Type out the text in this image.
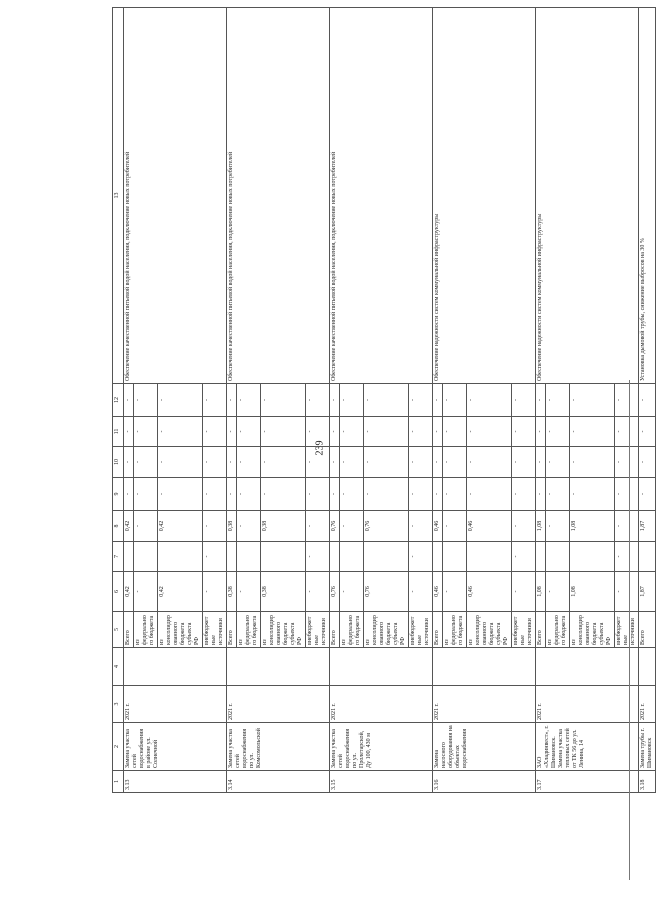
239
1	2	3	4	5	6	7	8	9	10	11	12	13
3.13	Замена участка сетей водоснабжения в районе ул. Солнечной	2021 г.		Всего	0,42		0,42	-	-	-	-	Обеспечение качественной питьевой водой населения, подключение новых потребителей
				из федерального бюджета	-		-	-	-	-	-	
				из консолидированного бюджета субъекта РФ	0,42		0,42	-	-	-	-	
				внебюджетные источники	-	-	-	-	-	-	-	
3.14	Замена участка сетей водоснабжения по ул. Комсомольской	2021 г.		Всего	0,38		0,38	-	-	-	-	Обеспечение качественной питьевой водой населения, подключение новых потребителей
				из федерального бюджета	-		-	-	-	-	-	
				из консолидированного бюджета субъекта РФ	0,38		0,38	-	-	-	-	
				внебюджетные источники	-	-	-	-	-	-	-	
3.15	Замена участка сетей водоснабжения по ул. Пролетарской, Ду 100, 430 м	2021 г.		Всего	0,76		0,76	-	-	-	-	Обеспечение качественной питьевой водой населения, подключение новых потребителей
				из федерального бюджета	-		-	-	-	-	-	
				из консолидированного бюджета субъекта РФ	0,76		0,76	-	-	-	-	
				внебюджетные источники	-	-	-	-	-	-	-	
3.16	Замена насосного оборудования на объектах водоснабжения	2021 г.		Всего	0,46		0,46	-	-	-	-	Обеспечение надежности систем коммунальной инфраструктуры
				из федерального бюджета	-		-	-	-	-	-	
				из консолидированного бюджета субъекта РФ	0,46		0,46	-	-	-	-	
				внебюджетные источники	-	-	-	-	-	-	-	
3.17	ЗАО «Хладинвест», г. Шимановск. Замена участка тепловых сетей от ТК 56 до ул. Ленина, 14	2021 г.		Всего	1,08		1,08	-	-	-	-	Обеспечение надежности систем коммунальной инфраструктуры
				из федерального бюджета	-		-	-	-	-	-	
				из консолидированного бюджета субъекта РФ	1,08		1,08	-	-	-	-	
				внебюджетные источники	-	-	-	-	-	-	-	
3.18	Замена трубы г. Шимановск	2021 г.		Всего	1,87		1,87	-	-	-	-	Установка дымовой трубы, снижение выбросов на 30 %
